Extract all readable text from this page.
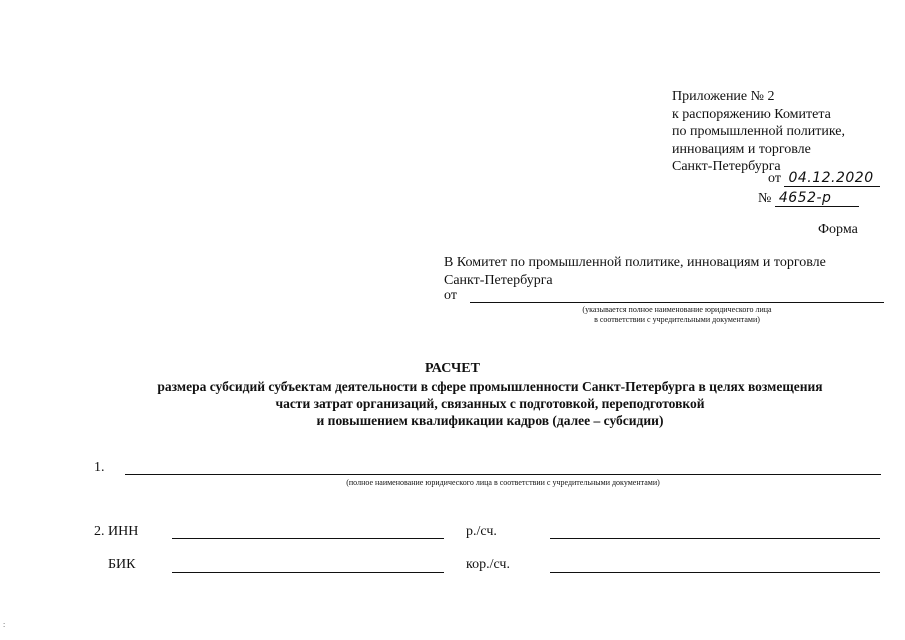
Приложение № 2
к распоряжению Комитета
по промышленной политике,
инновациям и торговле
Санкт-Петербурга
от 04.12.2020
№ 4652-р
Форма
В Комитет по промышленной политике, инновациям и торговле
Санкт-Петербурга
от
(указывается полное наименование юридического лица
в соответствии с учредительными документами)
РАСЧЕТ
размера субсидий субъектам деятельности в сфере промышленности Санкт-Петербурга в целях возмещения
части затрат организаций, связанных с подготовкой, переподготовкой
и повышением квалификации кадров (далее – субсидии)
1.
(полное наименование юридического лица в соответствии с учредительными документами)
2. ИНН	р./сч.
БИК	кор./сч.
:
